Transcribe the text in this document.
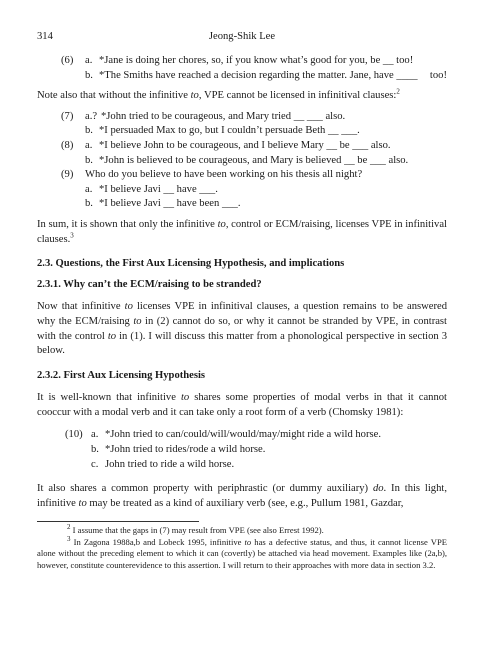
314	Jeong-Shik Lee
(6)	a. *Jane is doing her chores, so, if you know what’s good for you, be __ too!
b. *The Smiths have reached a decision regarding the matter. Jane, have ____ too!

Note also that without the infinitive to, VPE cannot be licensed in infinitival clauses:$^2$

(7)	a.? *John tried to be courageous, and Mary tried __ ___ also.
b. *I persuaded Max to go, but I couldn’t persuade Beth __ ___.
(8)	a. *I believe John to be courageous, and I believe Mary __ be ___ also.
b. *John is believed to be courageous, and Mary is believed __ be ___ also.
(9)	Who do you believe to have been working on his thesis all night?
a. *I believe Javi __ have ___.
b. *I believe Javi __ have been ___.

In sum, it is shown that only the infinitive to, control or ECM/raising, licenses VPE in infinitival clauses.$^3$

2.3. Questions, the First Aux Licensing Hypothesis, and implications

2.3.1. Why can’t the ECM/raising to be stranded?

Now that infinitive to licenses VPE in infinitival clauses, a question remains to be answered why the ECM/raising to in (2) cannot do so, or why it cannot be stranded by VPE, in contrast with the control to in (1). I will discuss this matter from a phonological perspective in section 3 below.

2.3.2. First Aux Licensing Hypothesis

It is well-known that infinitive to shares some properties of modal verbs in that it cannot cooccur with a modal verb and it can take only a root form of a verb (Chomsky 1981):

(10) a. *John tried to can/could/will/would/may/might ride a wild horse.
b. *John tried to rides/rode a wild horse.
c. John tried to ride a wild horse.

It also shares a common property with periphrastic (or dummy auxiliary) do. In this light, infinitive to may be treated as a kind of auxiliary verb (see, e.g., Pullum 1981, Gazdar,

$^2$ I assume that the gaps in (7) may result from VPE (see also Errest 1992).

$^3$ In Zagona 1988a,b and Lobeck 1995, infinitive to has a defective status, and thus, it cannot license VPE alone without the preceding element to which it can (covertly) be attached via head movement. Examples like (2a,b), however, constitute counterevidence to this assertion. I will return to their approaches with more data in section 3.2.
